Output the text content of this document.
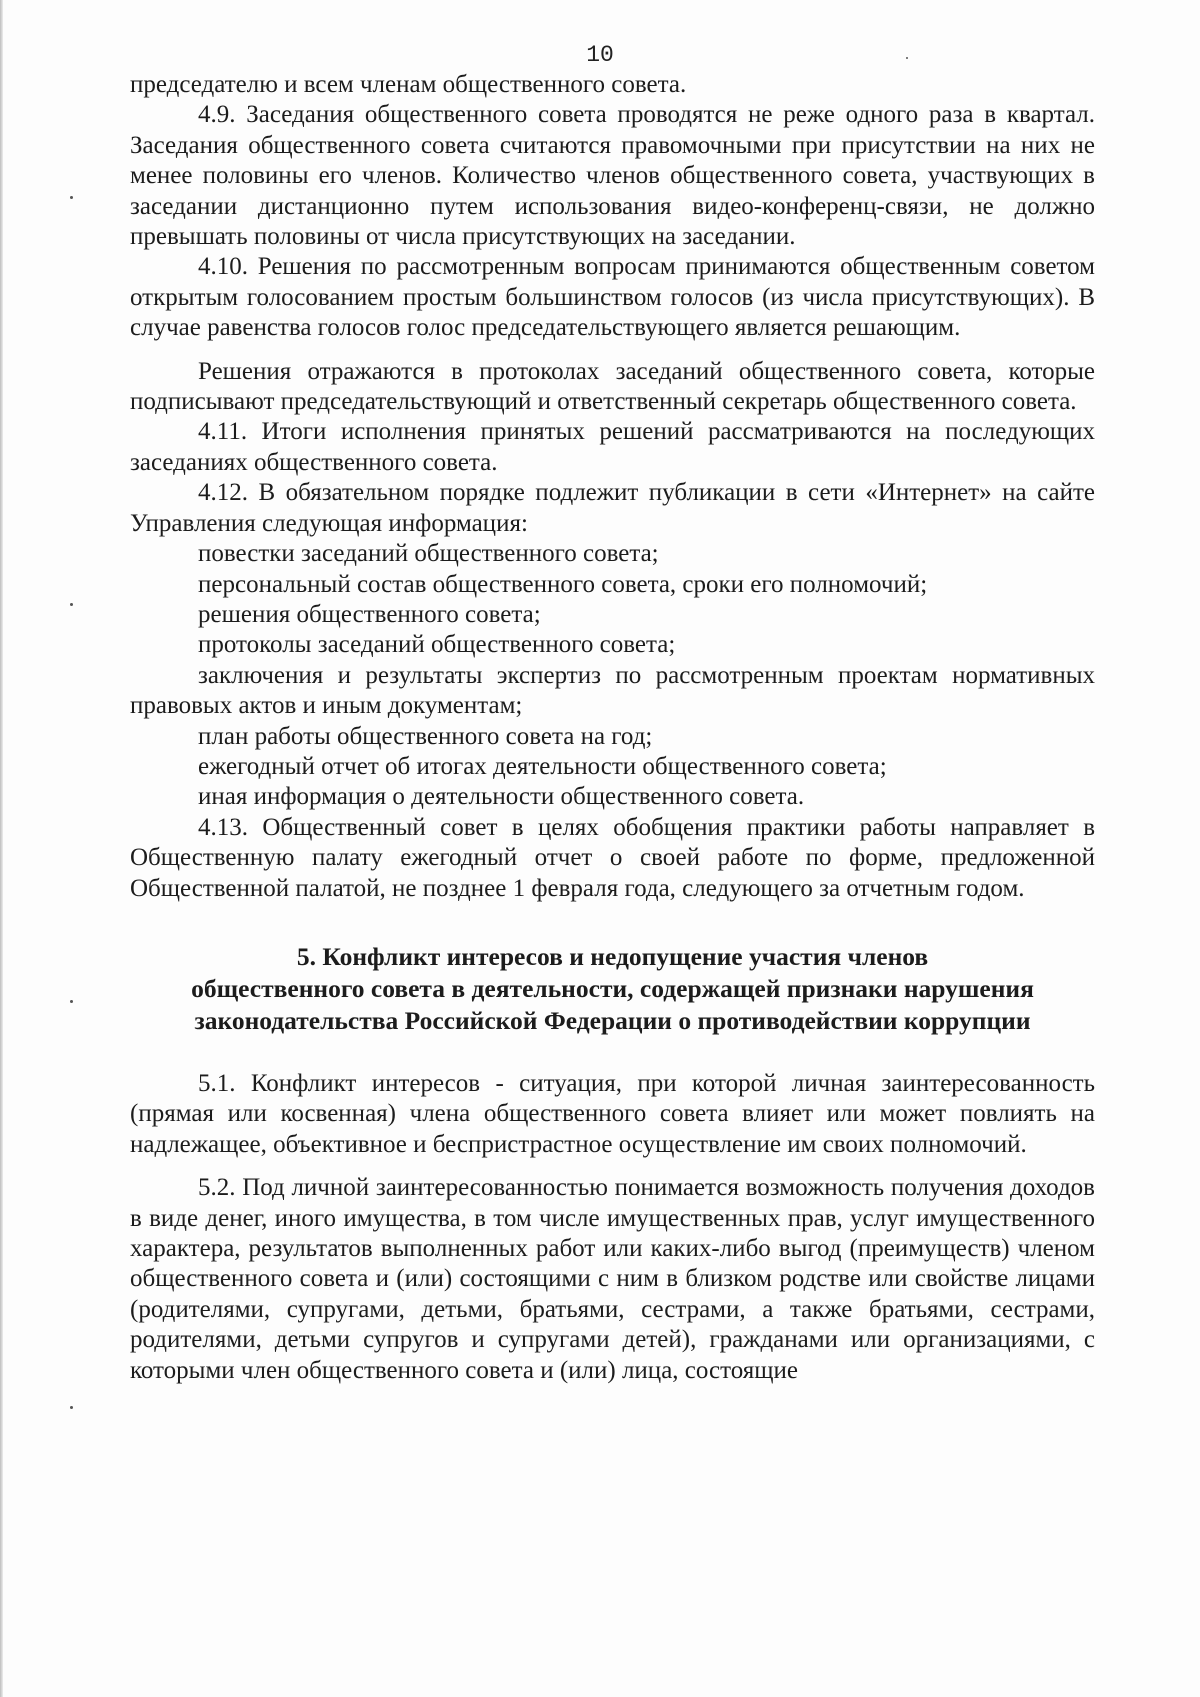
10

председателю и всем членам общественного совета.

4.9. Заседания общественного совета проводятся не реже одного раза в квартал. Заседания общественного совета считаются правомочными при присутствии на них не менее половины его членов. Количество членов общественного совета, участвующих в заседании дистанционно путем использования видео-конференц-связи, не должно превышать половины от числа присутствующих на заседании.

4.10. Решения по рассмотренным вопросам принимаются общественным советом открытым голосованием простым большинством голосов (из числа присутствующих). В случае равенства голосов голос председательствующего является решающим.

Решения отражаются в протоколах заседаний общественного совета, которые подписывают председательствующий и ответственный секретарь общественного совета.

4.11. Итоги исполнения принятых решений рассматриваются на последующих заседаниях общественного совета.

4.12. В обязательном порядке подлежит публикации в сети «Интернет» на сайте Управления следующая информация:

повестки заседаний общественного совета;

персональный состав общественного совета, сроки его полномочий;

решения общественного совета;

протоколы заседаний общественного совета;

заключения и результаты экспертиз по рассмотренным проектам нормативных правовых актов и иным документам;

план работы общественного совета на год;

ежегодный отчет об итогах деятельности общественного совета;

иная информация о деятельности общественного совета.

4.13. Общественный совет в целях обобщения практики работы направляет в Общественную палату ежегодный отчет о своей работе по форме, предложенной Общественной палатой, не позднее 1 февраля года, следующего за отчетным годом.

5. Конфликт интересов и недопущение участия членов
общественного совета в деятельности, содержащей признаки нарушения
законодательства Российской Федерации о противодействии коррупции

5.1. Конфликт интересов - ситуация, при которой личная заинтересованность (прямая или косвенная) члена общественного совета влияет или может повлиять на надлежащее, объективное и беспристрастное осуществление им своих полномочий.

5.2. Под личной заинтересованностью понимается возможность получения доходов в виде денег, иного имущества, в том числе имущественных прав, услуг имущественного характера, результатов выполненных работ или каких-либо выгод (преимуществ) членом общественного совета и (или) состоящими с ним в близком родстве или свойстве лицами (родителями, супругами, детьми, братьями, сестрами, а также братьями, сестрами, родителями, детьми супругов и супругами детей), гражданами или организациями, с которыми член общественного совета и (или) лица, состоящие
